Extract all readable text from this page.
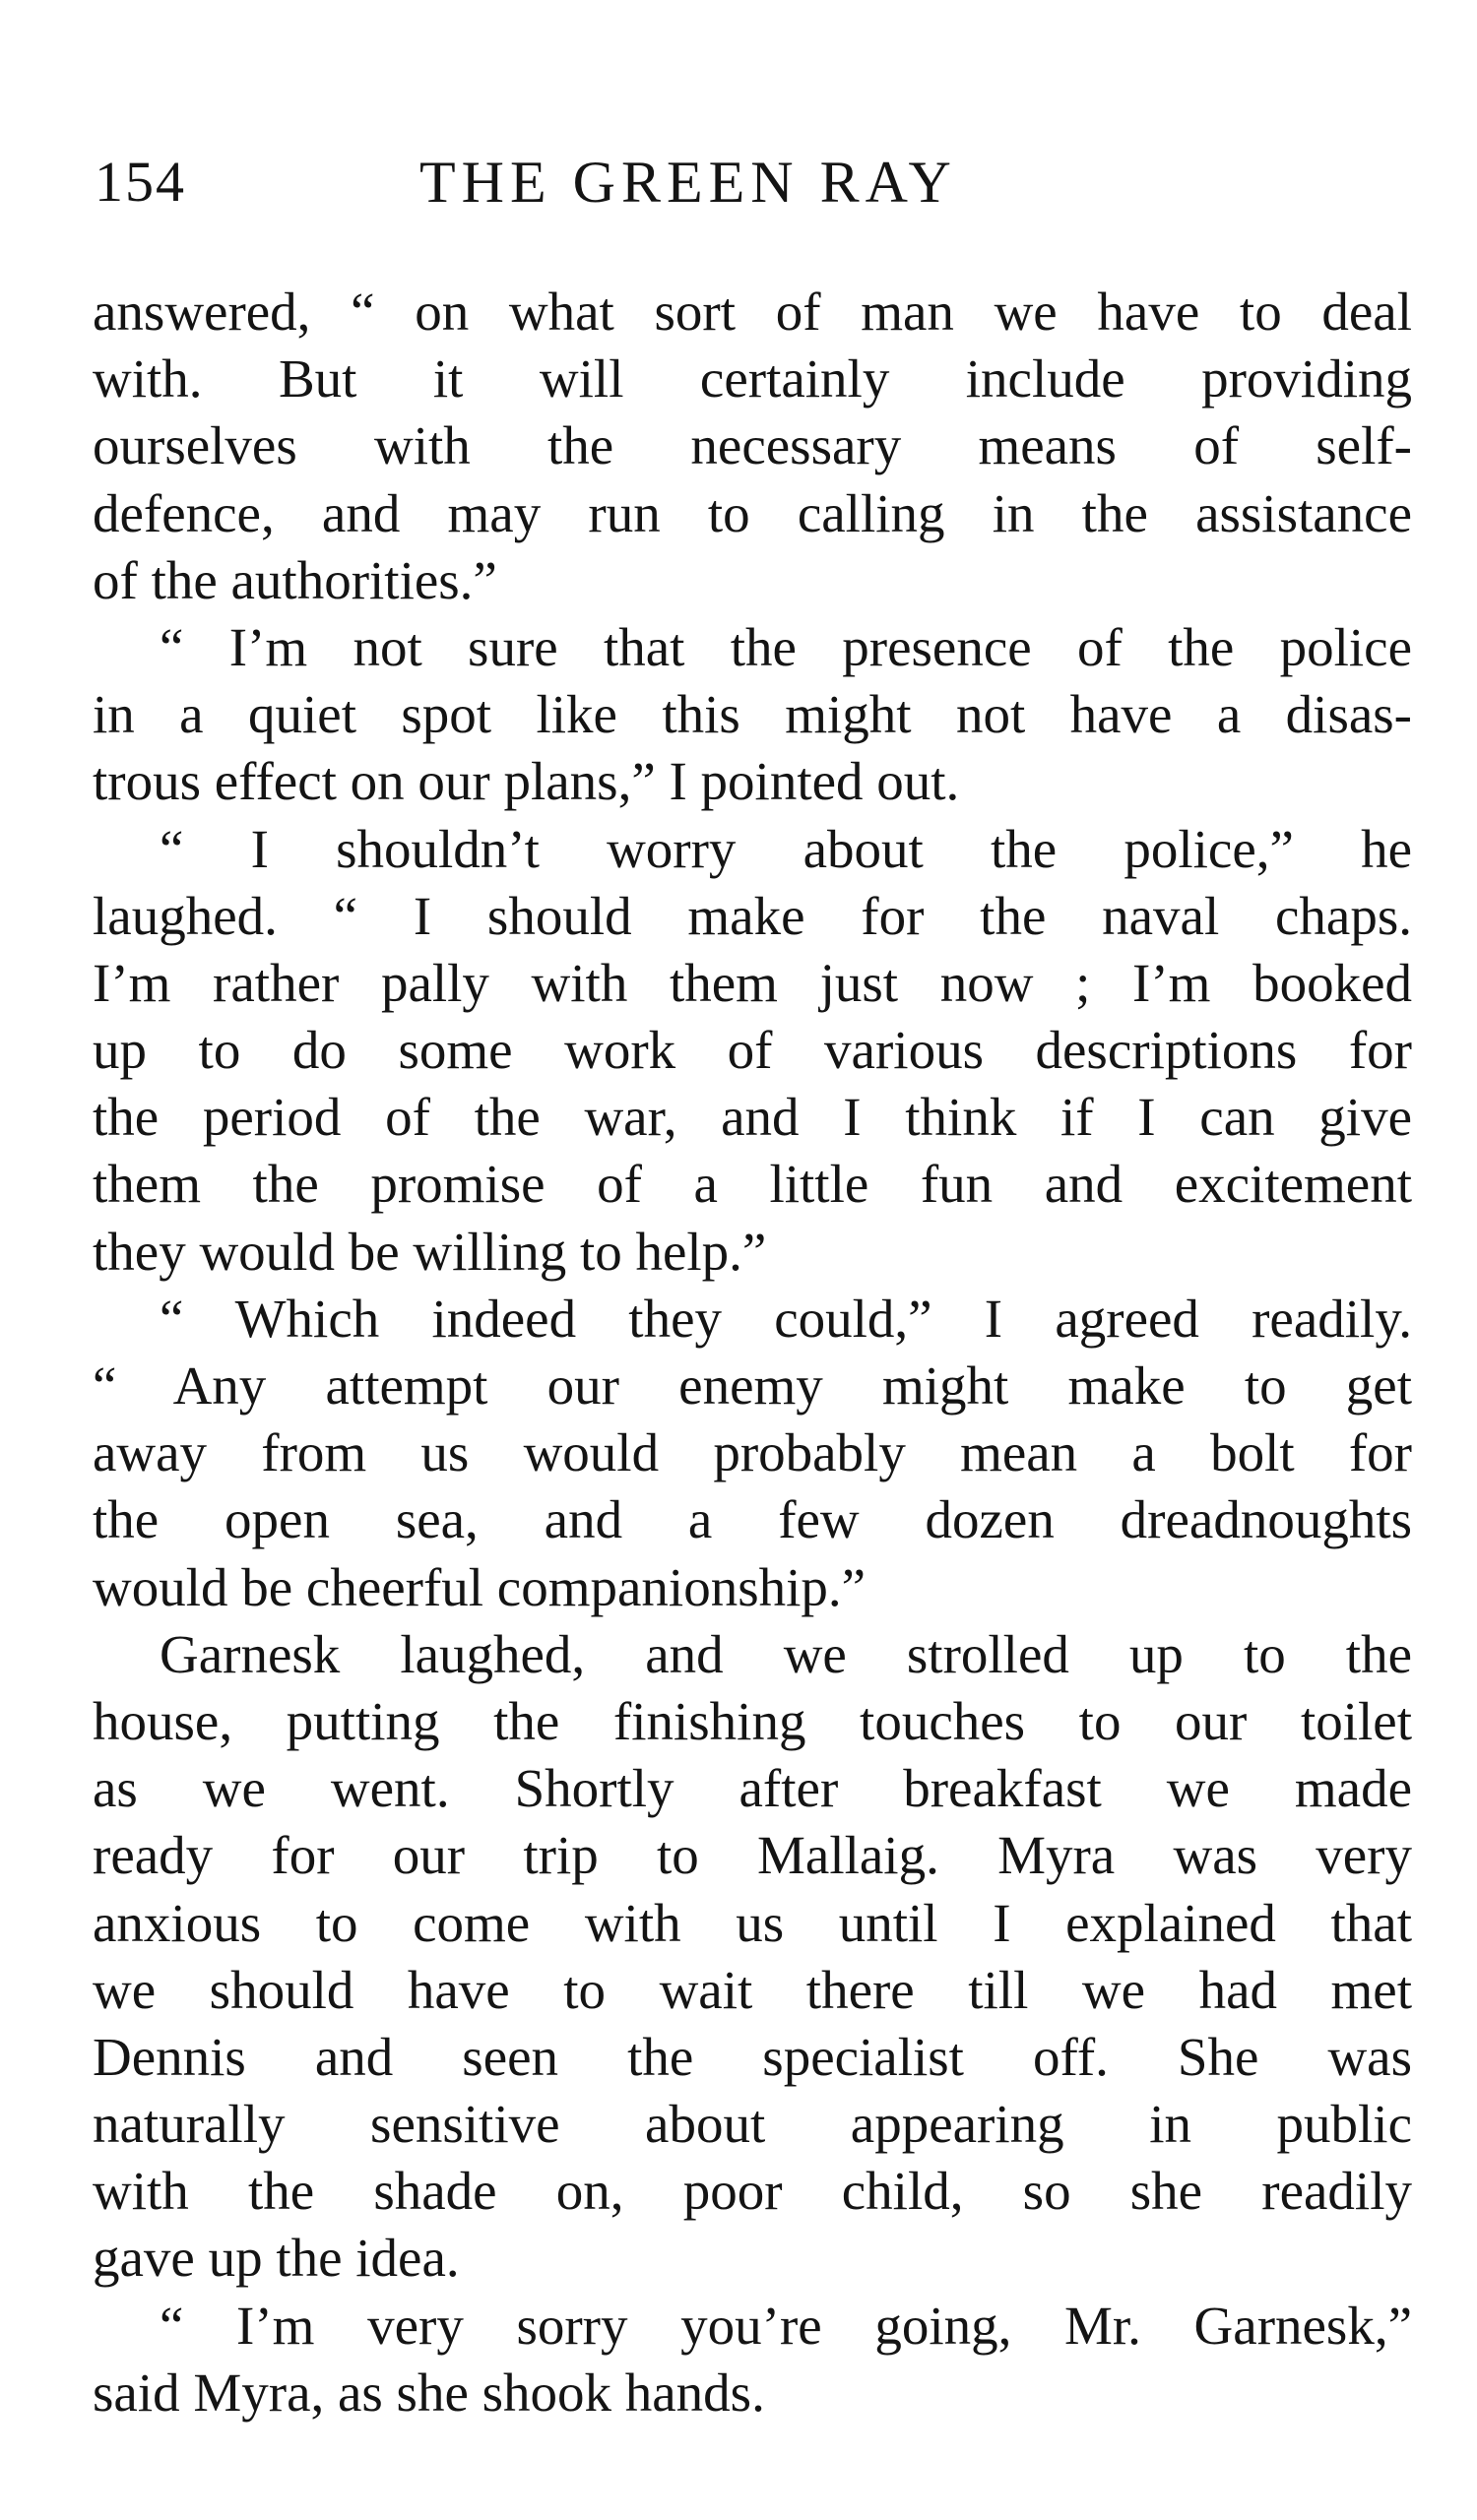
154	THE GREEN RAY
answered, “ on what sort of man we have to deal
with. But it will certainly include providing
ourselves with the necessary means of self-
defence, and may run to calling in the assistance
of the authorities.”
“ I’m not sure that the presence of the police
in a quiet spot like this might not have a disas-
trous effect on our plans,” I pointed out.
“ I shouldn’t worry about the police,” he
laughed. “ I should make for the naval chaps.
I’m rather pally with them just now ; I’m booked
up to do some work of various descriptions for
the period of the war, and I think if I can give
them the promise of a little fun and excitement
they would be willing to help.”
“ Which indeed they could,” I agreed readily.
“ Any attempt our enemy might make to get
away from us would probably mean a bolt for
the open sea, and a few dozen dreadnoughts
would be cheerful companionship.”
Garnesk laughed, and we strolled up to the
house, putting the finishing touches to our toilet
as we went. Shortly after breakfast we made
ready for our trip to Mallaig. Myra was very
anxious to come with us until I explained that
we should have to wait there till we had met
Dennis and seen the specialist off. She was
naturally sensitive about appearing in public
with the shade on, poor child, so she readily
gave up the idea.
“ I’m very sorry you’re going, Mr. Garnesk,”
said Myra, as she shook hands.
